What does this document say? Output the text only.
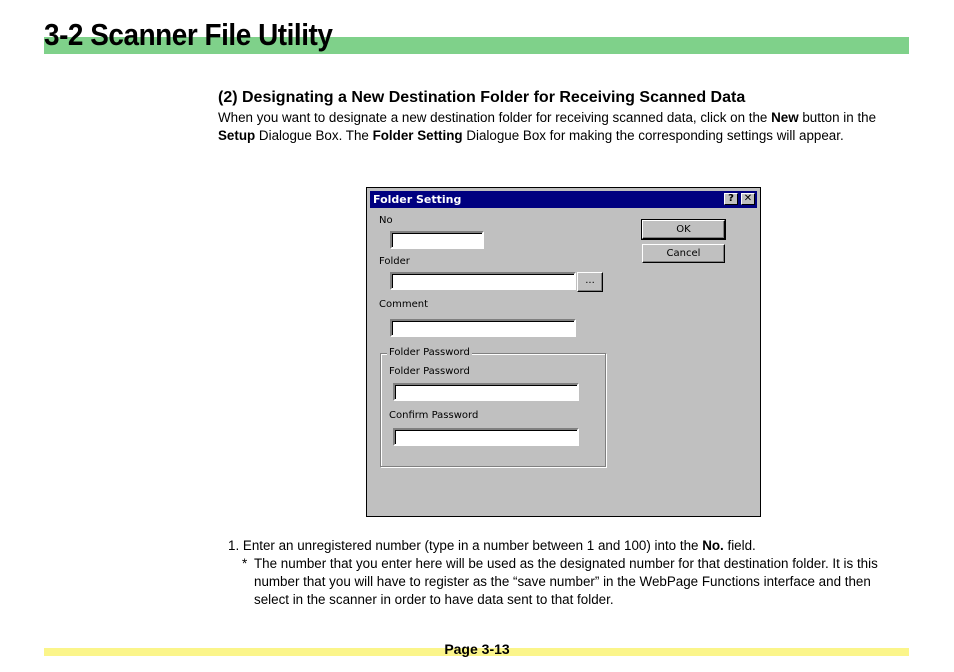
3-2 Scanner File Utility
(2) Designating a New Destination Folder for Receiving Scanned Data

When you want to designate a new destination folder for receiving scanned data, click on the New button in the Setup Dialogue Box. The Folder Setting Dialogue Box for making the corresponding settings will appear.

Folder Setting	? ✕
No
Folder
...
Comment
Folder Password
Folder Password
Confirm Password
OK
Cancel

1. Enter an unregistered number (type in a number between 1 and 100) into the No. field.

* The number that you enter here will be used as the designated number for that destination folder. It is this number that you will have to register as the “save number” in the WebPage Functions interface and then select in the scanner in order to have data sent to that folder.

Page 3-13
